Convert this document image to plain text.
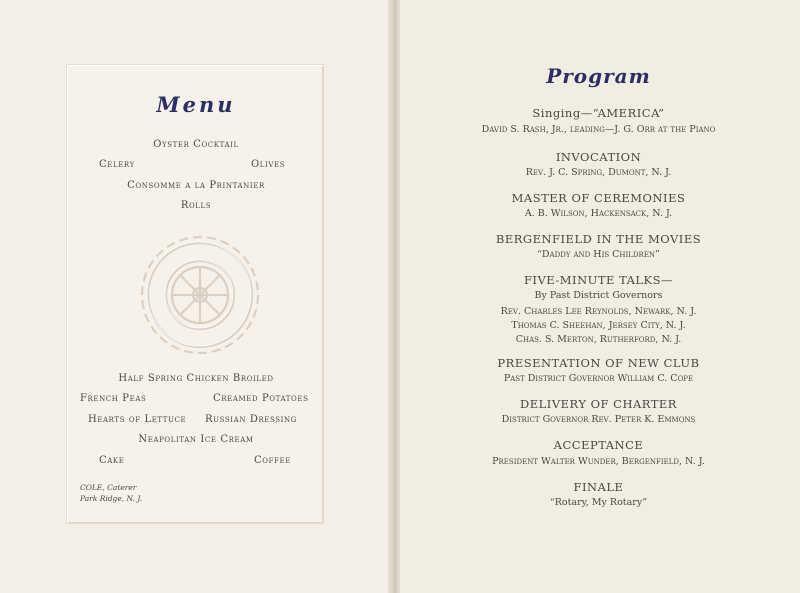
Menu
Oyster Cocktail
Celery	Olives
Consomme a la Printanier
Rolls
Half Spring Chicken Broiled
French Peas	Creamed Potatoes
Hearts of Lettuce Russian Dressing
Neapolitan Ice Cream
Cake	Coffee
COLE, Caterer
Park Ridge, N. J.
Program
Singing—“AMERICA”
David S. Rash, Jr., leading—J. G. Orr at the Piano
INVOCATION
Rev. J. C. Spring, Dumont, N. J.
MASTER OF CEREMONIES
A. B. Wilson, Hackensack, N. J.
BERGENFIELD IN THE MOVIES
“Daddy and His Children”
FIVE-MINUTE TALKS—
By Past District Governors
Rev. Charles Lee Reynolds, Newark, N. J.
Thomas C. Sheehan, Jersey City, N. J.
Chas. S. Merton, Rutherford, N. J.
PRESENTATION OF NEW CLUB
Past District Governor William C. Cope
DELIVERY OF CHARTER
District Governor Rev. Peter K. Emmons
ACCEPTANCE
President Walter Wunder, Bergenfield, N. J.
FINALE
“Rotary, My Rotary”
